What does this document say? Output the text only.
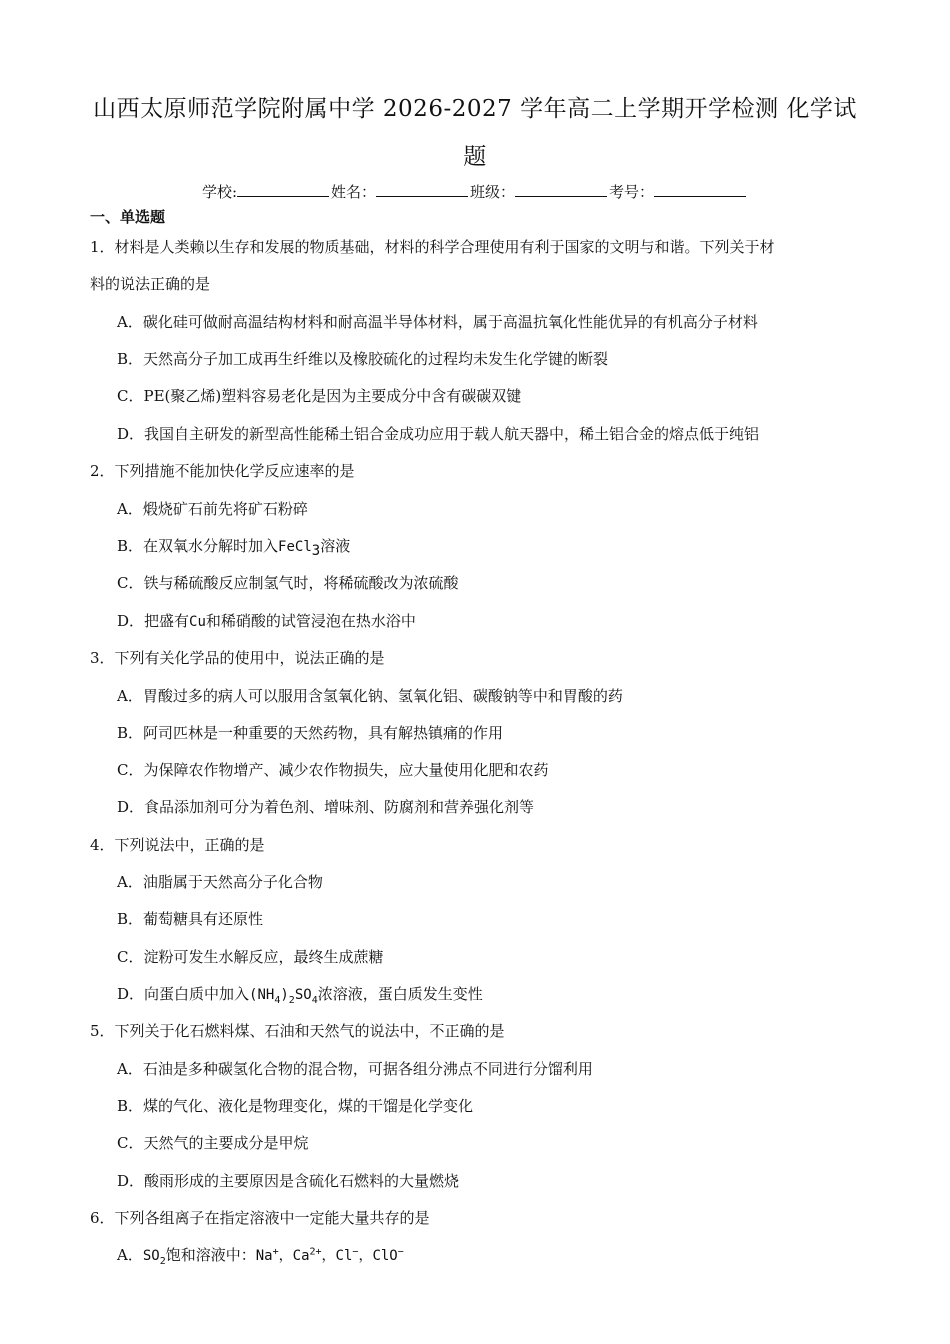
山西太原师范学院附属中学 2026-2027 学年高二上学期开学检测 化学试
题
学校:	姓名：	班级：	考号：
一、单选题
1．材料是人类赖以生存和发展的物质基础，材料的科学合理使用有利于国家的文明与和谐。下列关于材
料的说法正确的是
A．碳化硅可做耐高温结构材料和耐高温半导体材料，属于高温抗氧化性能优异的有机高分子材料
B．天然高分子加工成再生纤维以及橡胶硫化的过程均未发生化学键的断裂
C．PE(聚乙烯)塑料容易老化是因为主要成分中含有碳碳双键
D．我国自主研发的新型高性能稀土铝合金成功应用于载人航天器中，稀土铝合金的熔点低于纯铝
2．下列措施不能加快化学反应速率的是
A．煅烧矿石前先将矿石粉碎
B．在双氧水分解时加入FeCl$_3$溶液
C．铁与稀硫酸反应制氢气时，将稀硫酸改为浓硫酸
D．把盛有Cu和稀硝酸的试管浸泡在热水浴中
3．下列有关化学品的使用中，说法正确的是
A．胃酸过多的病人可以服用含氢氧化钠、氢氧化铝、碳酸钠等中和胃酸的药
B．阿司匹林是一种重要的天然药物，具有解热镇痛的作用
C．为保障农作物增产、减少农作物损失，应大量使用化肥和农药
D．食品添加剂可分为着色剂、增味剂、防腐剂和营养强化剂等
4．下列说法中，正确的是
A．油脂属于天然高分子化合物
B．葡萄糖具有还原性
C．淀粉可发生水解反应，最终生成蔗糖
D．向蛋白质中加入$(NH_4)_2SO_4$浓溶液，蛋白质发生变性
5．下列关于化石燃料煤、石油和天然气的说法中，不正确的是
A．石油是多种碳氢化合物的混合物，可据各组分沸点不同进行分馏利用
B．煤的气化、液化是物理变化，煤的干馏是化学变化
C．天然气的主要成分是甲烷
D．酸雨形成的主要原因是含硫化石燃料的大量燃烧
6．下列各组离子在指定溶液中一定能大量共存的是
A．$SO_2$饱和溶液中：Na+，$Ca^{2+}$，Cl−，ClO−
